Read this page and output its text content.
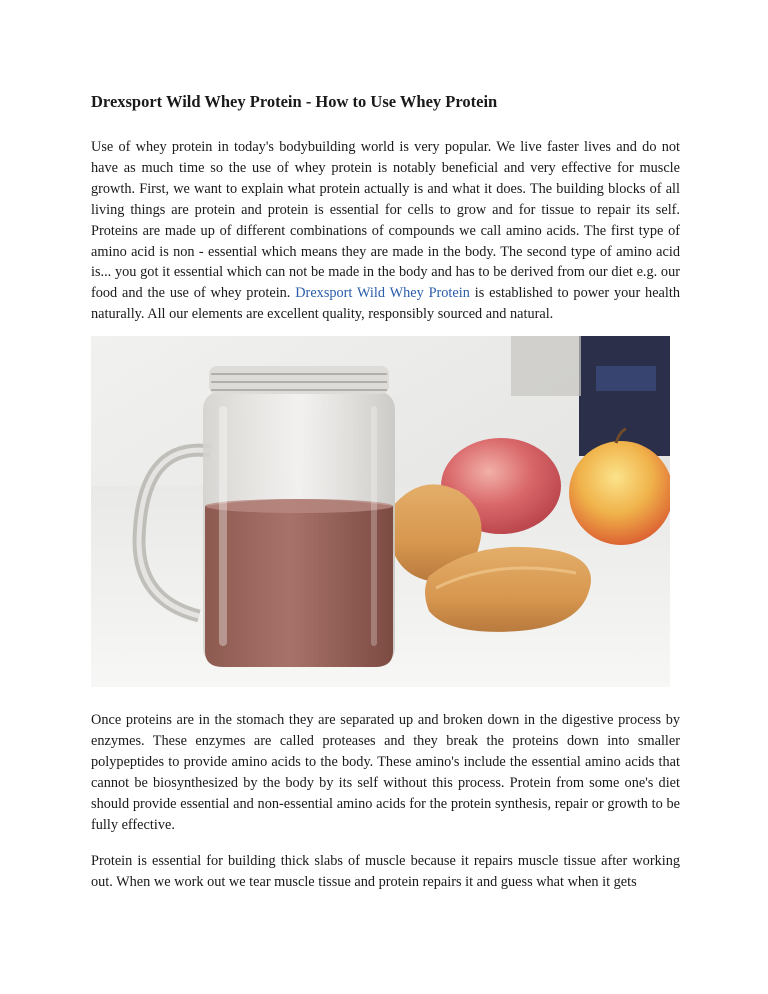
Drexsport Wild Whey Protein - How to Use Whey Protein

Use of whey protein in today's bodybuilding world is very popular. We live faster lives and do not have as much time so the use of whey protein is notably beneficial and very effective for muscle growth. First, we want to explain what protein actually is and what it does. The building blocks of all living things are protein and protein is essential for cells to grow and for tissue to repair its self. Proteins are made up of different combinations of compounds we call amino acids. The first type of amino acid is non - essential which means they are made in the body. The second type of amino acid is... you got it essential which can not be made in the body and has to be derived from our diet e.g. our food and the use of whey protein. Drexsport Wild Whey Protein is established to power your health naturally. All our elements are excellent quality, responsibly sourced and natural.

Once proteins are in the stomach they are separated up and broken down in the digestive process by enzymes. These enzymes are called proteases and they break the proteins down into smaller polypeptides to provide amino acids to the body. These amino's include the essential amino acids that cannot be biosynthesized by the body by its self without this process. Protein from some one's diet should provide essential and non-essential amino acids for the protein synthesis, repair or growth to be fully effective.

Protein is essential for building thick slabs of muscle because it repairs muscle tissue after working out. When we work out we tear muscle tissue and protein repairs it and guess what when it gets
